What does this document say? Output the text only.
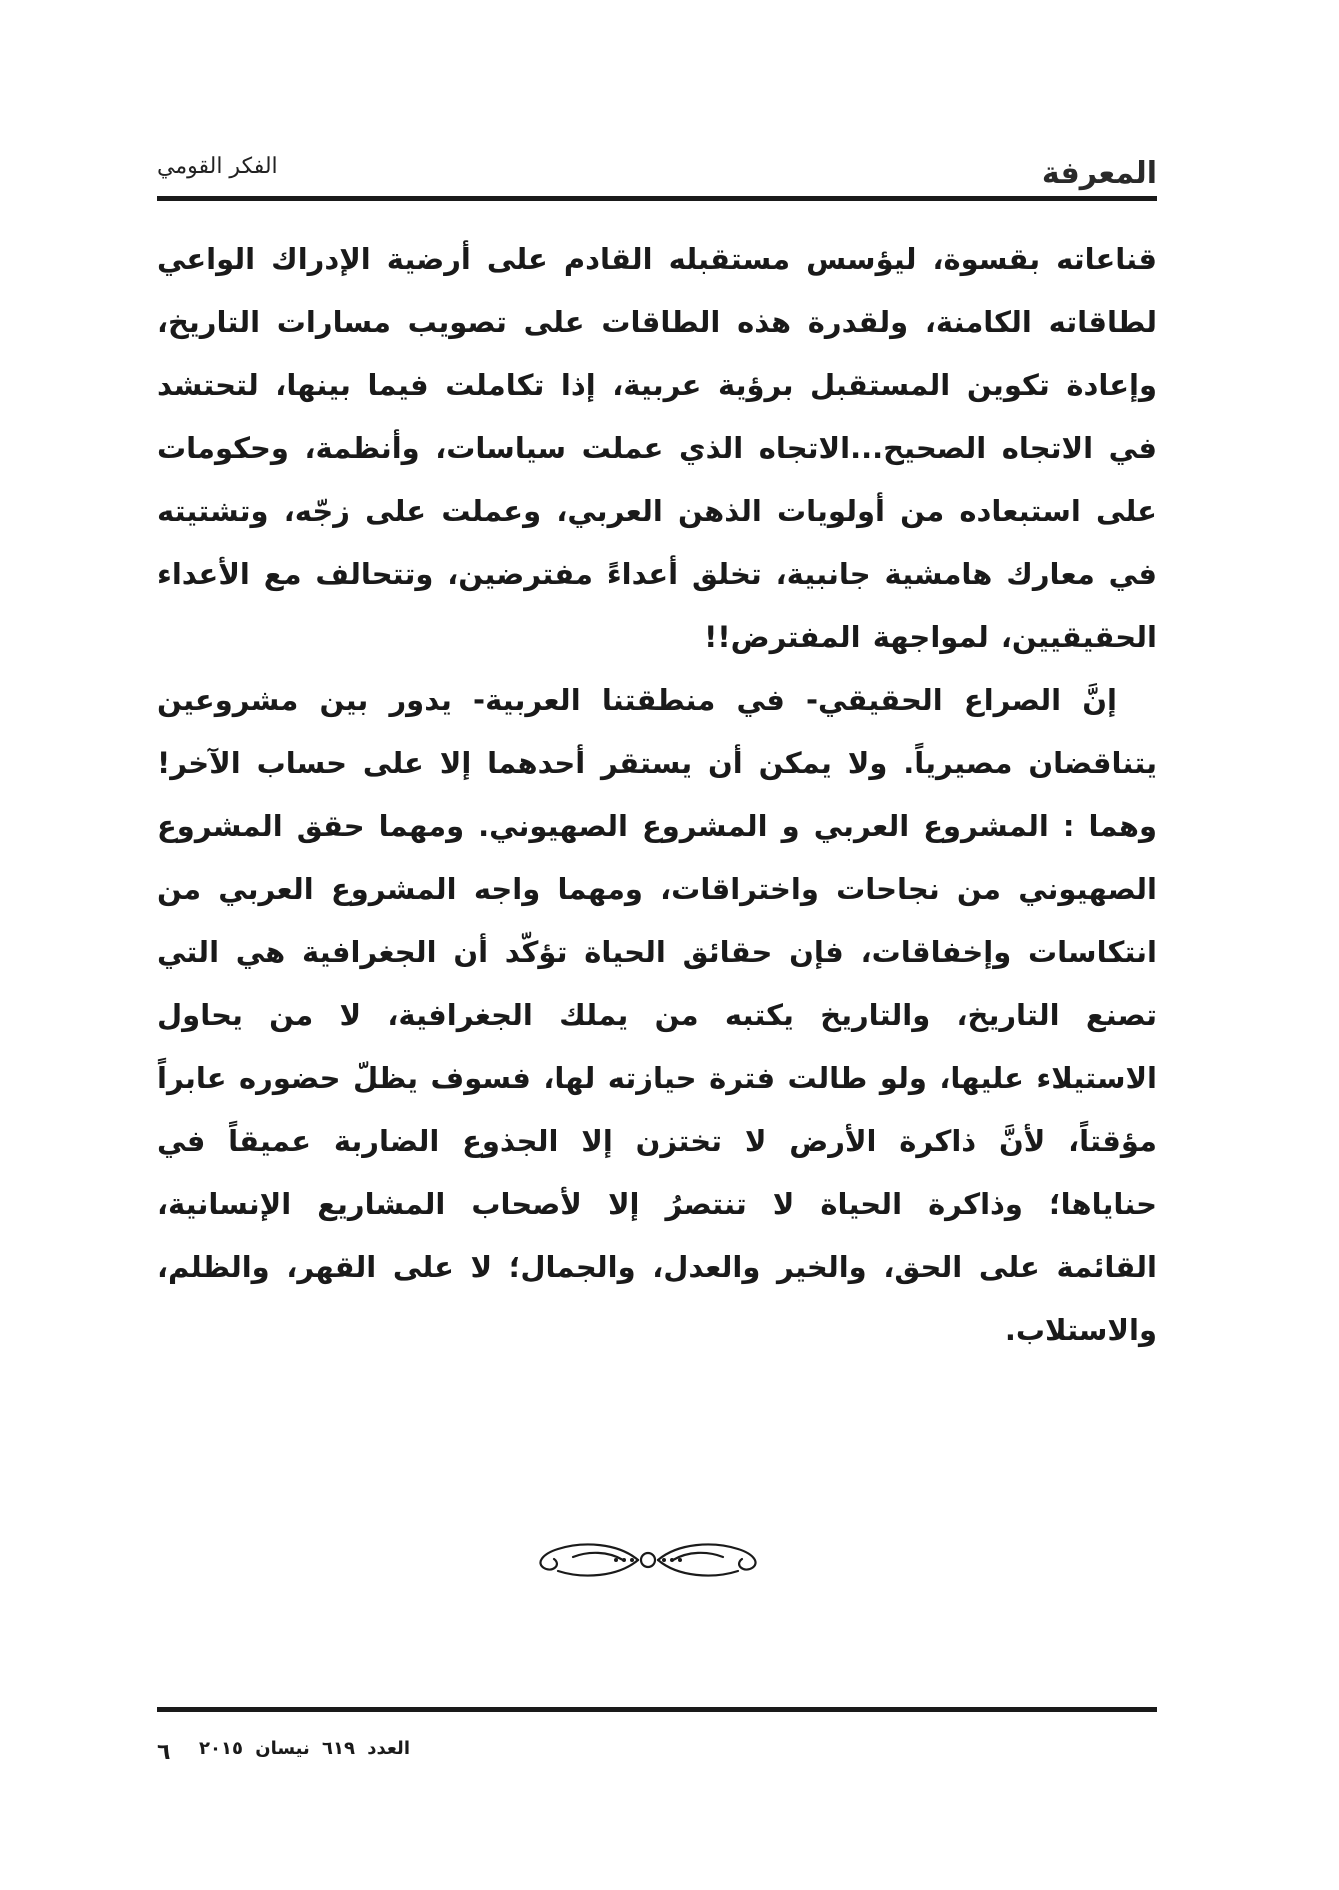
المعرفة
الفكر القومي

قناعاته بقسوة، ليؤسس مستقبله القادم على أرضية الإدراك الواعي لطاقاته الكامنة، ولقدرة هذه الطاقات على تصويب مسارات التاريخ، وإعادة تكوين المستقبل برؤية عربية، إذا تكاملت فيما بينها، لتحتشد في الاتجاه الصحيح...الاتجاه الذي عملت سياسات، وأنظمة، وحكومات على استبعاده من أولويات الذهن العربي، وعملت على زجّه، وتشتيته في معارك هامشية جانبية، تخلق أعداءً مفترضين، وتتحالف مع الأعداء الحقيقيين، لمواجهة المفترض!!

إنَّ الصراع الحقيقي- في منطقتنا العربية- يدور بين مشروعين يتناقضان مصيرياً. ولا يمكن أن يستقر أحدهما إلا على حساب الآخر! وهما : المشروع العربي و المشروع الصهيوني. ومهما حقق المشروع الصهيوني من نجاحات واختراقات، ومهما واجه المشروع العربي من انتكاسات وإخفاقات، فإن حقائق الحياة تؤكّد أن الجغرافية هي التي تصنع التاريخ، والتاريخ يكتبه من يملك الجغرافية، لا من يحاول الاستيلاء عليها، ولو طالت فترة حيازته لها، فسوف يظلّ حضوره عابراً مؤقتاً، لأنَّ ذاكرة الأرض لا تختزن إلا الجذوع الضاربة عميقاً في حناياها؛ وذاكرة الحياة لا تنتصرُ إلا لأصحاب المشاريع الإنسانية، القائمة على الحق، والخير والعدل، والجمال؛ لا على القهر، والظلم، والاستلاب.

٦	العدد ٦١٩ نيسان ٢٠١٥
